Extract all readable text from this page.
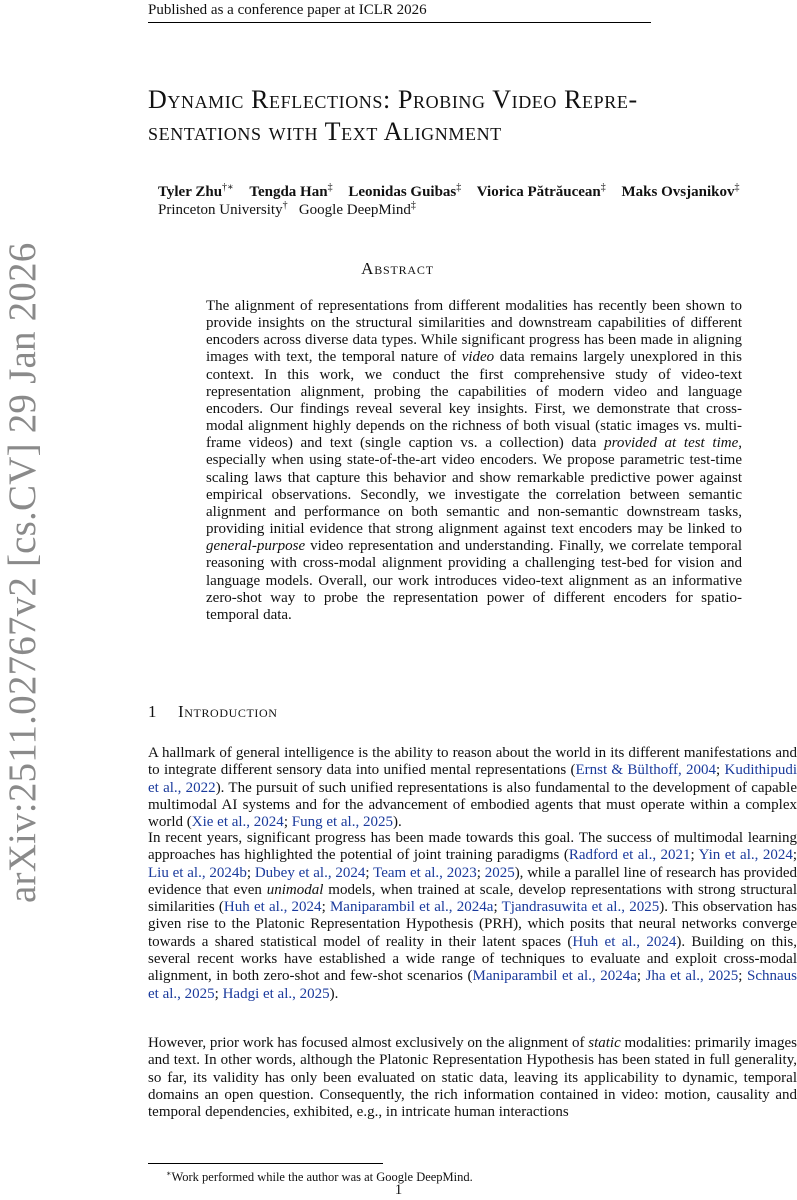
Published as a conference paper at ICLR 2026
arXiv:2511.02767v2 [cs.CV] 29 Jan 2026
Dynamic Reflections: Probing Video Repre-
sentations with Text Alignment
Tyler Zhu†∗ Tengda Han‡ Leonidas Guibas‡ Viorica Pătrăucean‡ Maks Ovsjanikov‡
Princeton University† Google DeepMind‡
Abstract
The alignment of representations from different modalities has recently been shown to provide insights on the structural similarities and downstream capabilities of different encoders across diverse data types. While significant progress has been made in aligning images with text, the temporal nature of video data remains largely unexplored in this context. In this work, we conduct the first comprehensive study of video-text representation alignment, probing the capabilities of modern video and language encoders. Our findings reveal several key insights. First, we demonstrate that cross-modal alignment highly depends on the richness of both visual (static images vs. multi-frame videos) and text (single caption vs. a collection) data provided at test time, especially when using state-of-the-art video encoders. We propose parametric test-time scaling laws that capture this behavior and show remarkable predictive power against empirical observations. Secondly, we investigate the correlation between semantic alignment and performance on both semantic and non-semantic downstream tasks, providing initial evidence that strong alignment against text encoders may be linked to general-purpose video representation and understanding. Finally, we correlate temporal reasoning with cross-modal alignment providing a challenging test-bed for vision and language models. Overall, our work introduces video-text alignment as an informative zero-shot way to probe the representation power of different encoders for spatio-temporal data.
1 Introduction
A hallmark of general intelligence is the ability to reason about the world in its different manifestations and to integrate different sensory data into unified mental representations (Ernst & Bülthoff, 2004; Kudithipudi et al., 2022). The pursuit of such unified representations is also fundamental to the development of capable multimodal AI systems and for the advancement of embodied agents that must operate within a complex world (Xie et al., 2024; Fung et al., 2025).
In recent years, significant progress has been made towards this goal. The success of multimodal learning approaches has highlighted the potential of joint training paradigms (Radford et al., 2021; Yin et al., 2024; Liu et al., 2024b; Dubey et al., 2024; Team et al., 2023; 2025), while a parallel line of research has provided evidence that even unimodal models, when trained at scale, develop representations with strong structural similarities (Huh et al., 2024; Maniparambil et al., 2024a; Tjandrasuwita et al., 2025). This observation has given rise to the Platonic Representation Hypothesis (PRH), which posits that neural networks converge towards a shared statistical model of reality in their latent spaces (Huh et al., 2024). Building on this, several recent works have established a wide range of techniques to evaluate and exploit cross-modal alignment, in both zero-shot and few-shot scenarios (Maniparambil et al., 2024a; Jha et al., 2025; Schnaus et al., 2025; Hadgi et al., 2025).
However, prior work has focused almost exclusively on the alignment of static modalities: primarily images and text. In other words, although the Platonic Representation Hypothesis has been stated in full generality, so far, its validity has only been evaluated on static data, leaving its applicability to dynamic, temporal domains an open question. Consequently, the rich information contained in video: motion, causality and temporal dependencies, exhibited, e.g., in intricate human interactions
∗Work performed while the author was at Google DeepMind.
1
